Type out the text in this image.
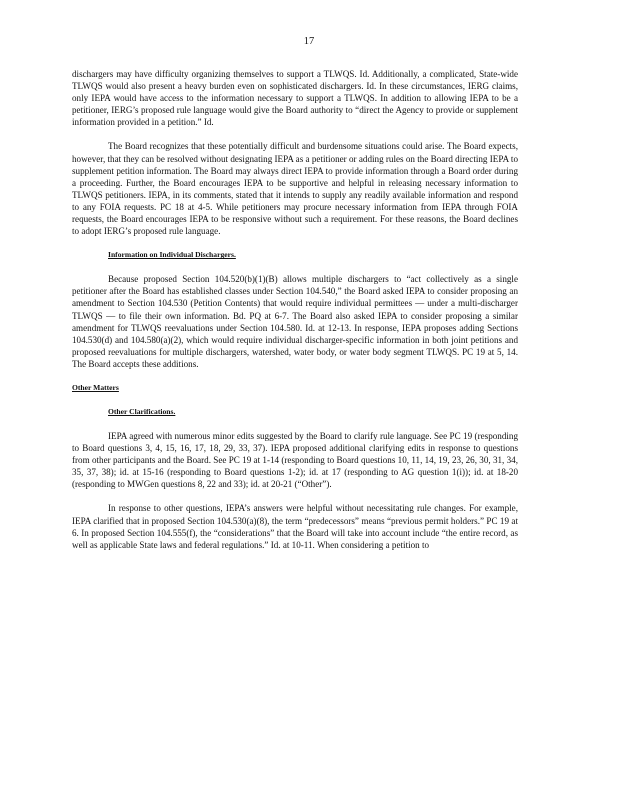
17

dischargers may have difficulty organizing themselves to support a TLWQS. Id. Additionally, a complicated, State-wide TLWQS would also present a heavy burden even on sophisticated dischargers. Id. In these circumstances, IERG claims, only IEPA would have access to the information necessary to support a TLWQS. In addition to allowing IEPA to be a petitioner, IERG’s proposed rule language would give the Board authority to “direct the Agency to provide or supplement information provided in a petition.” Id.

The Board recognizes that these potentially difficult and burdensome situations could arise. The Board expects, however, that they can be resolved without designating IEPA as a petitioner or adding rules on the Board directing IEPA to supplement petition information. The Board may always direct IEPA to provide information through a Board order during a proceeding. Further, the Board encourages IEPA to be supportive and helpful in releasing necessary information to TLWQS petitioners. IEPA, in its comments, stated that it intends to supply any readily available information and respond to any FOIA requests. PC 18 at 4-5. While petitioners may procure necessary information from IEPA through FOIA requests, the Board encourages IEPA to be responsive without such a requirement. For these reasons, the Board declines to adopt IERG’s proposed rule language.

Information on Individual Dischargers.

Because proposed Section 104.520(b)(1)(B) allows multiple dischargers to “act collectively as a single petitioner after the Board has established classes under Section 104.540,” the Board asked IEPA to consider proposing an amendment to Section 104.530 (Petition Contents) that would require individual permittees — under a multi-discharger TLWQS — to file their own information. Bd. PQ at 6-7. The Board also asked IEPA to consider proposing a similar amendment for TLWQS reevaluations under Section 104.580. Id. at 12-13. In response, IEPA proposes adding Sections 104.530(d) and 104.580(a)(2), which would require individual discharger-specific information in both joint petitions and proposed reevaluations for multiple dischargers, watershed, water body, or water body segment TLWQS. PC 19 at 5, 14. The Board accepts these additions.

Other Matters
Other Clarifications.

IEPA agreed with numerous minor edits suggested by the Board to clarify rule language. See PC 19 (responding to Board questions 3, 4, 15, 16, 17, 18, 29, 33, 37). IEPA proposed additional clarifying edits in response to questions from other participants and the Board. See PC 19 at 1-14 (responding to Board questions 10, 11, 14, 19, 23, 26, 30, 31, 34, 35, 37, 38); id. at 15-16 (responding to Board questions 1-2); id. at 17 (responding to AG question 1(i)); id. at 18-20 (responding to MWGen questions 8, 22 and 33); id. at 20-21 (“Other”).

In response to other questions, IEPA’s answers were helpful without necessitating rule changes. For example, IEPA clarified that in proposed Section 104.530(a)(8), the term “predecessors” means “previous permit holders.” PC 19 at 6. In proposed Section 104.555(f), the “considerations” that the Board will take into account include “the entire record, as well as applicable State laws and federal regulations.” Id. at 10-11. When considering a petition to
